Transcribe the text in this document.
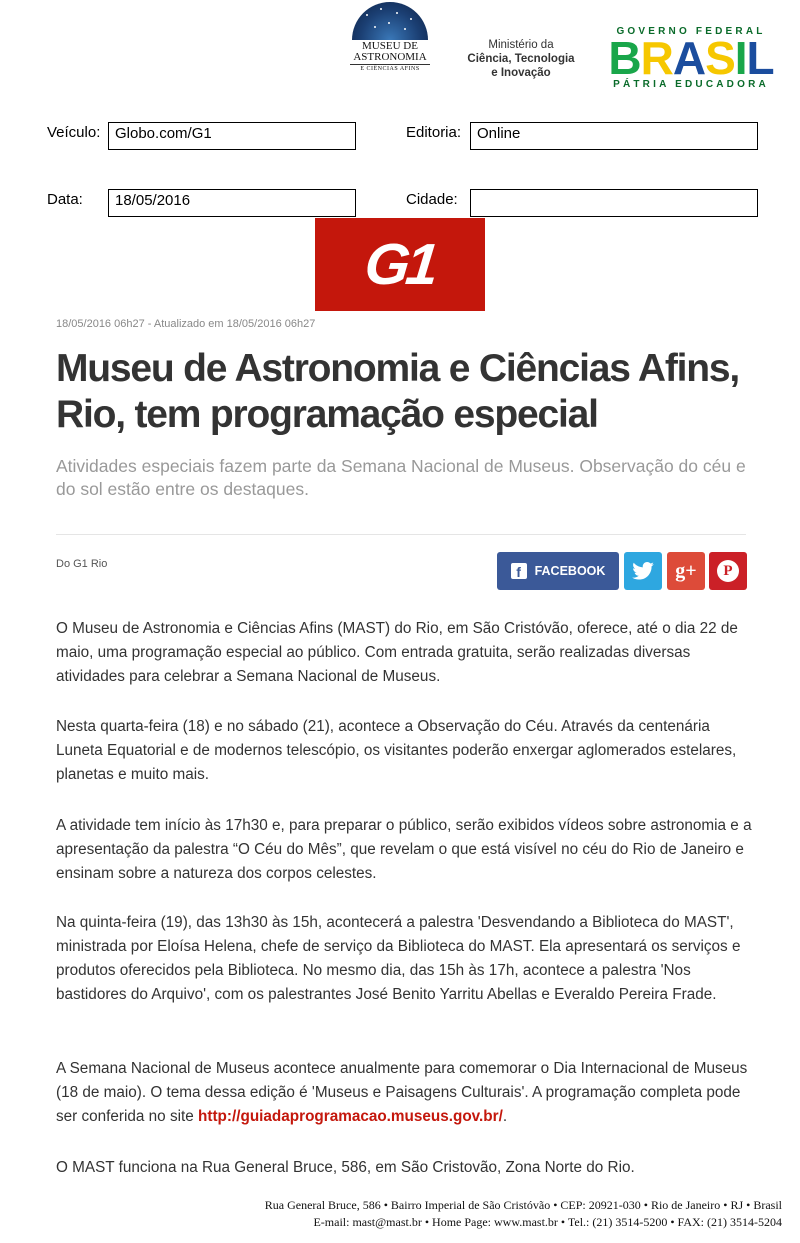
MUSEU DE
ASTRONOMIA
E CIÊNCIAS AFINS
Ministério da
Ciência, Tecnologia
e Inovação
GOVERNO FEDERAL
BRASIL
PÁTRIA EDUCADORA
Veículo: Globo.com/G1	Editoria:	Online
Data:	18/05/2016	Cidade:
G1
18/05/2016 06h27 - Atualizado em 18/05/2016 06h27
Museu de Astronomia e Ciências Afins, Rio, tem programação especial
Atividades especiais fazem parte da Semana Nacional de Museus. Observação do céu e do sol estão entre os destaques.
Do G1 Rio	f	FACEBOOK	g+	P

O Museu de Astronomia e Ciências Afins (MAST) do Rio, em São Cristóvão, oferece, até o dia 22 de maio, uma programação especial ao público. Com entrada gratuita, serão realizadas diversas atividades para celebrar a Semana Nacional de Museus.

Nesta quarta-feira (18) e no sábado (21), acontece a Observação do Céu. Através da centenária Luneta Equatorial e de modernos telescópio, os visitantes poderão enxergar aglomerados estelares, planetas e muito mais.

A atividade tem início às 17h30 e, para preparar o público, serão exibidos vídeos sobre astronomia e a apresentação da palestra “O Céu do Mês”, que revelam o que está visível no céu do Rio de Janeiro e ensinam sobre a natureza dos corpos celestes.

Na quinta-feira (19), das 13h30 às 15h, acontecerá a palestra 'Desvendando a Biblioteca do MAST', ministrada por Eloísa Helena, chefe de serviço da Biblioteca do MAST. Ela apresentará os serviços e produtos oferecidos pela Biblioteca. No mesmo dia, das 15h às 17h, acontece a palestra 'Nos bastidores do Arquivo', com os palestrantes José Benito Yarritu Abellas e Everaldo Pereira Frade.

A Semana Nacional de Museus acontece anualmente para comemorar o Dia Internacional de Museus (18 de maio). O tema dessa edição é 'Museus e Paisagens Culturais'. A programação completa pode ser conferida no site http://guiadaprogramacao.museus.gov.br/.

O MAST funciona na Rua General Bruce, 586, em São Cristovão, Zona Norte do Rio.

Rua General Bruce, 586 • Bairro Imperial de São Cristóvão • CEP: 20921-030 • Rio de Janeiro • RJ • Brasil
E-mail: mast@mast.br • Home Page: www.mast.br • Tel.: (21) 3514-5200 • FAX: (21) 3514-5204
